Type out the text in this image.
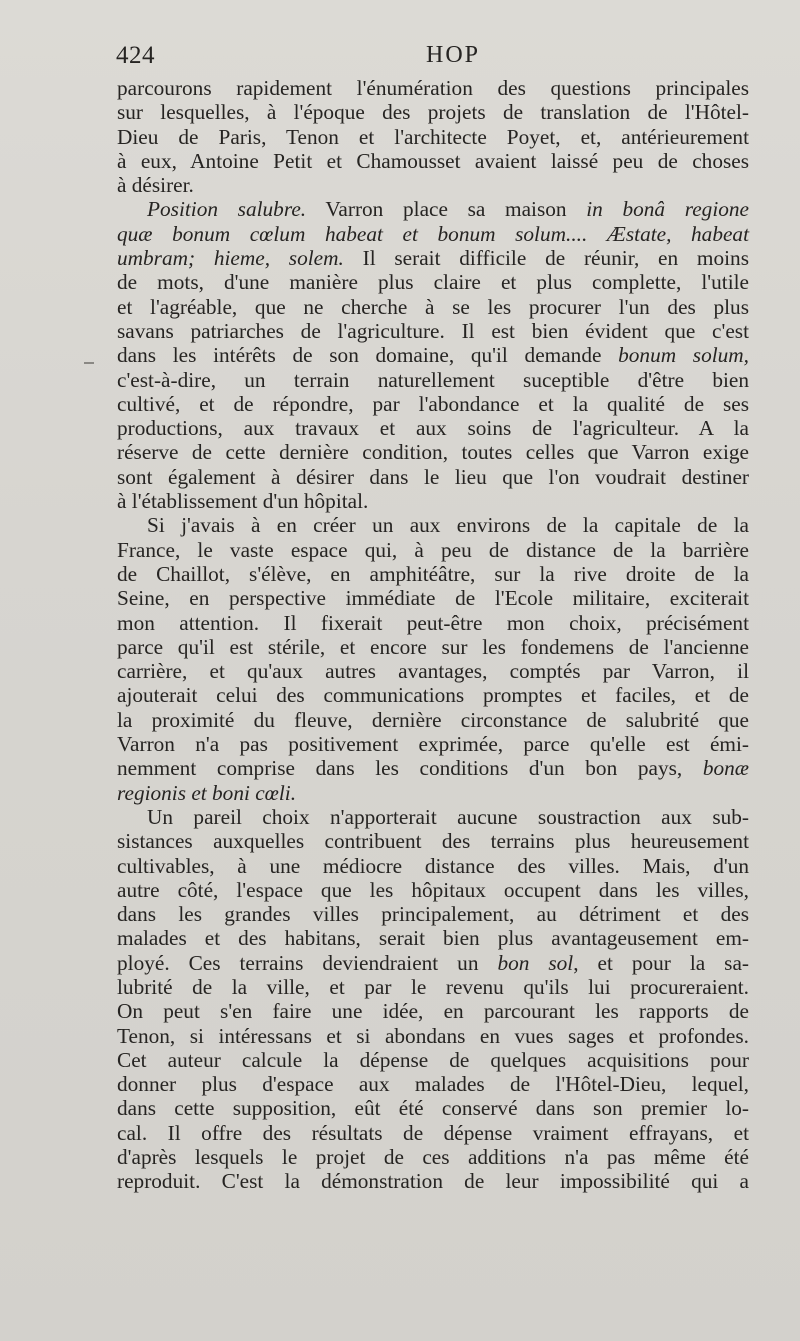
424	HOP
parcourons rapidement l'énumération des questions principales
sur lesquelles, à l'époque des projets de translation de l'Hôtel-
Dieu de Paris, Tenon et l'architecte Poyet, et, antérieurement
à eux, Antoine Petit et Chamousset avaient laissé peu de choses
à désirer.
Position salubre. Varron place sa maison in bonâ regione
quæ bonum cœlum habeat et bonum solum.... Æstate, habeat
umbram; hieme, solem. Il serait difficile de réunir, en moins
de mots, d'une manière plus claire et plus complette, l'utile
et l'agréable, que ne cherche à se les procurer l'un des plus
savans patriarches de l'agriculture. Il est bien évident que c'est
dans les intérêts de son domaine, qu'il demande bonum solum,
c'est-à-dire, un terrain naturellement suceptible d'être bien
cultivé, et de répondre, par l'abondance et la qualité de ses
productions, aux travaux et aux soins de l'agriculteur. A la
réserve de cette dernière condition, toutes celles que Varron exige
sont également à désirer dans le lieu que l'on voudrait destiner
à l'établissement d'un hôpital.
Si j'avais à en créer un aux environs de la capitale de la
France, le vaste espace qui, à peu de distance de la barrière
de Chaillot, s'élève, en amphitéâtre, sur la rive droite de la
Seine, en perspective immédiate de l'Ecole militaire, exciterait
mon attention. Il fixerait peut-être mon choix, précisément
parce qu'il est stérile, et encore sur les fondemens de l'ancienne
carrière, et qu'aux autres avantages, comptés par Varron, il
ajouterait celui des communications promptes et faciles, et de
la proximité du fleuve, dernière circonstance de salubrité que
Varron n'a pas positivement exprimée, parce qu'elle est émi-
nemment comprise dans les conditions d'un bon pays, bonæ
regionis et boni cœli.
Un pareil choix n'apporterait aucune soustraction aux sub-
sistances auxquelles contribuent des terrains plus heureusement
cultivables, à une médiocre distance des villes. Mais, d'un
autre côté, l'espace que les hôpitaux occupent dans les villes,
dans les grandes villes principalement, au détriment et des
malades et des habitans, serait bien plus avantageusement em-
ployé. Ces terrains deviendraient un bon sol, et pour la sa-
lubrité de la ville, et par le revenu qu'ils lui procureraient.
On peut s'en faire une idée, en parcourant les rapports de
Tenon, si intéressans et si abondans en vues sages et profondes.
Cet auteur calcule la dépense de quelques acquisitions pour
donner plus d'espace aux malades de l'Hôtel-Dieu, lequel,
dans cette supposition, eût été conservé dans son premier lo-
cal. Il offre des résultats de dépense vraiment effrayans, et
d'après lesquels le projet de ces additions n'a pas même été
reproduit. C'est la démonstration de leur impossibilité qui a
